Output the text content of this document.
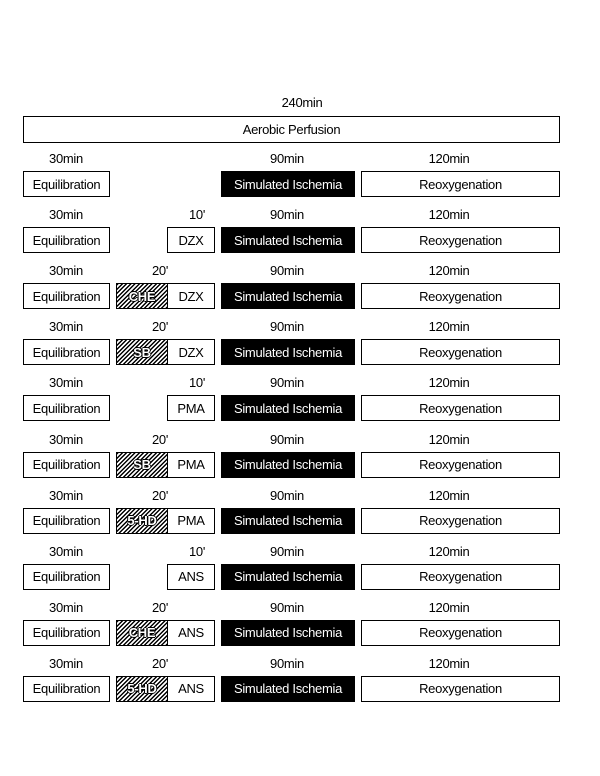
240min
Aerobic Perfusion
30min	90min	120min
Equilibration	Simulated Ischemia	Reoxygenation
30min	10'	90min	120min
Equilibration	DZX	Simulated Ischemia	Reoxygenation
30min	20'	90min	120min
Equilibration	CHE	DZX	Simulated Ischemia	Reoxygenation
30min	20'	90min	120min
Equilibration	SB	DZX	Simulated Ischemia	Reoxygenation
30min	10'	90min	120min
Equilibration	PMA	Simulated Ischemia	Reoxygenation
30min	20'	90min	120min
Equilibration	SB	PMA	Simulated Ischemia	Reoxygenation
30min	20'	90min	120min
Equilibration	5-HD	PMA	Simulated Ischemia	Reoxygenation
30min	10'	90min	120min
Equilibration	ANS	Simulated Ischemia	Reoxygenation
30min	20'	90min	120min
Equilibration	CHE	ANS	Simulated Ischemia	Reoxygenation
30min	20'	90min	120min
Equilibration	5-HD	ANS	Simulated Ischemia	Reoxygenation
